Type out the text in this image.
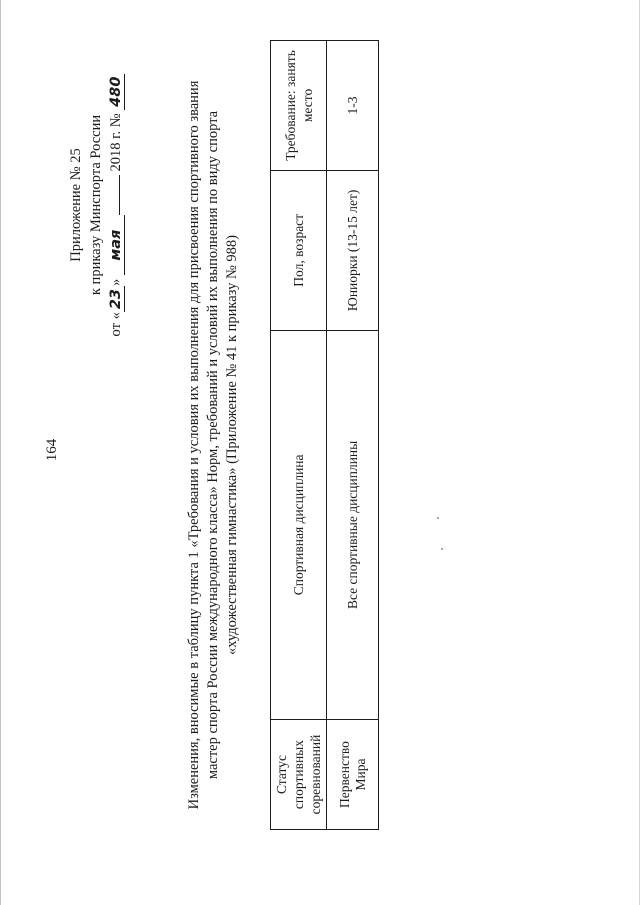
164
Приложение № 25 к приказу Минспорта России
от «23» мая 2018 г. № 480	Изменения, вносимые в таблицу пункта 1 «Требования и условия их выполнения для присвоения спортивного звания мастер спорта России международного класса» Норм, требований и условий их выполнения по виду спорта «художественная гимнастика» (Приложение № 41 к приказу № 988)
Статус спортивных соревнований	Спортивная дисциплина	Пол, возраст	Требование: занять место
Первенство Мира	Все спортивные дисциплины	Юниорки (13-15 лет)	1-3
